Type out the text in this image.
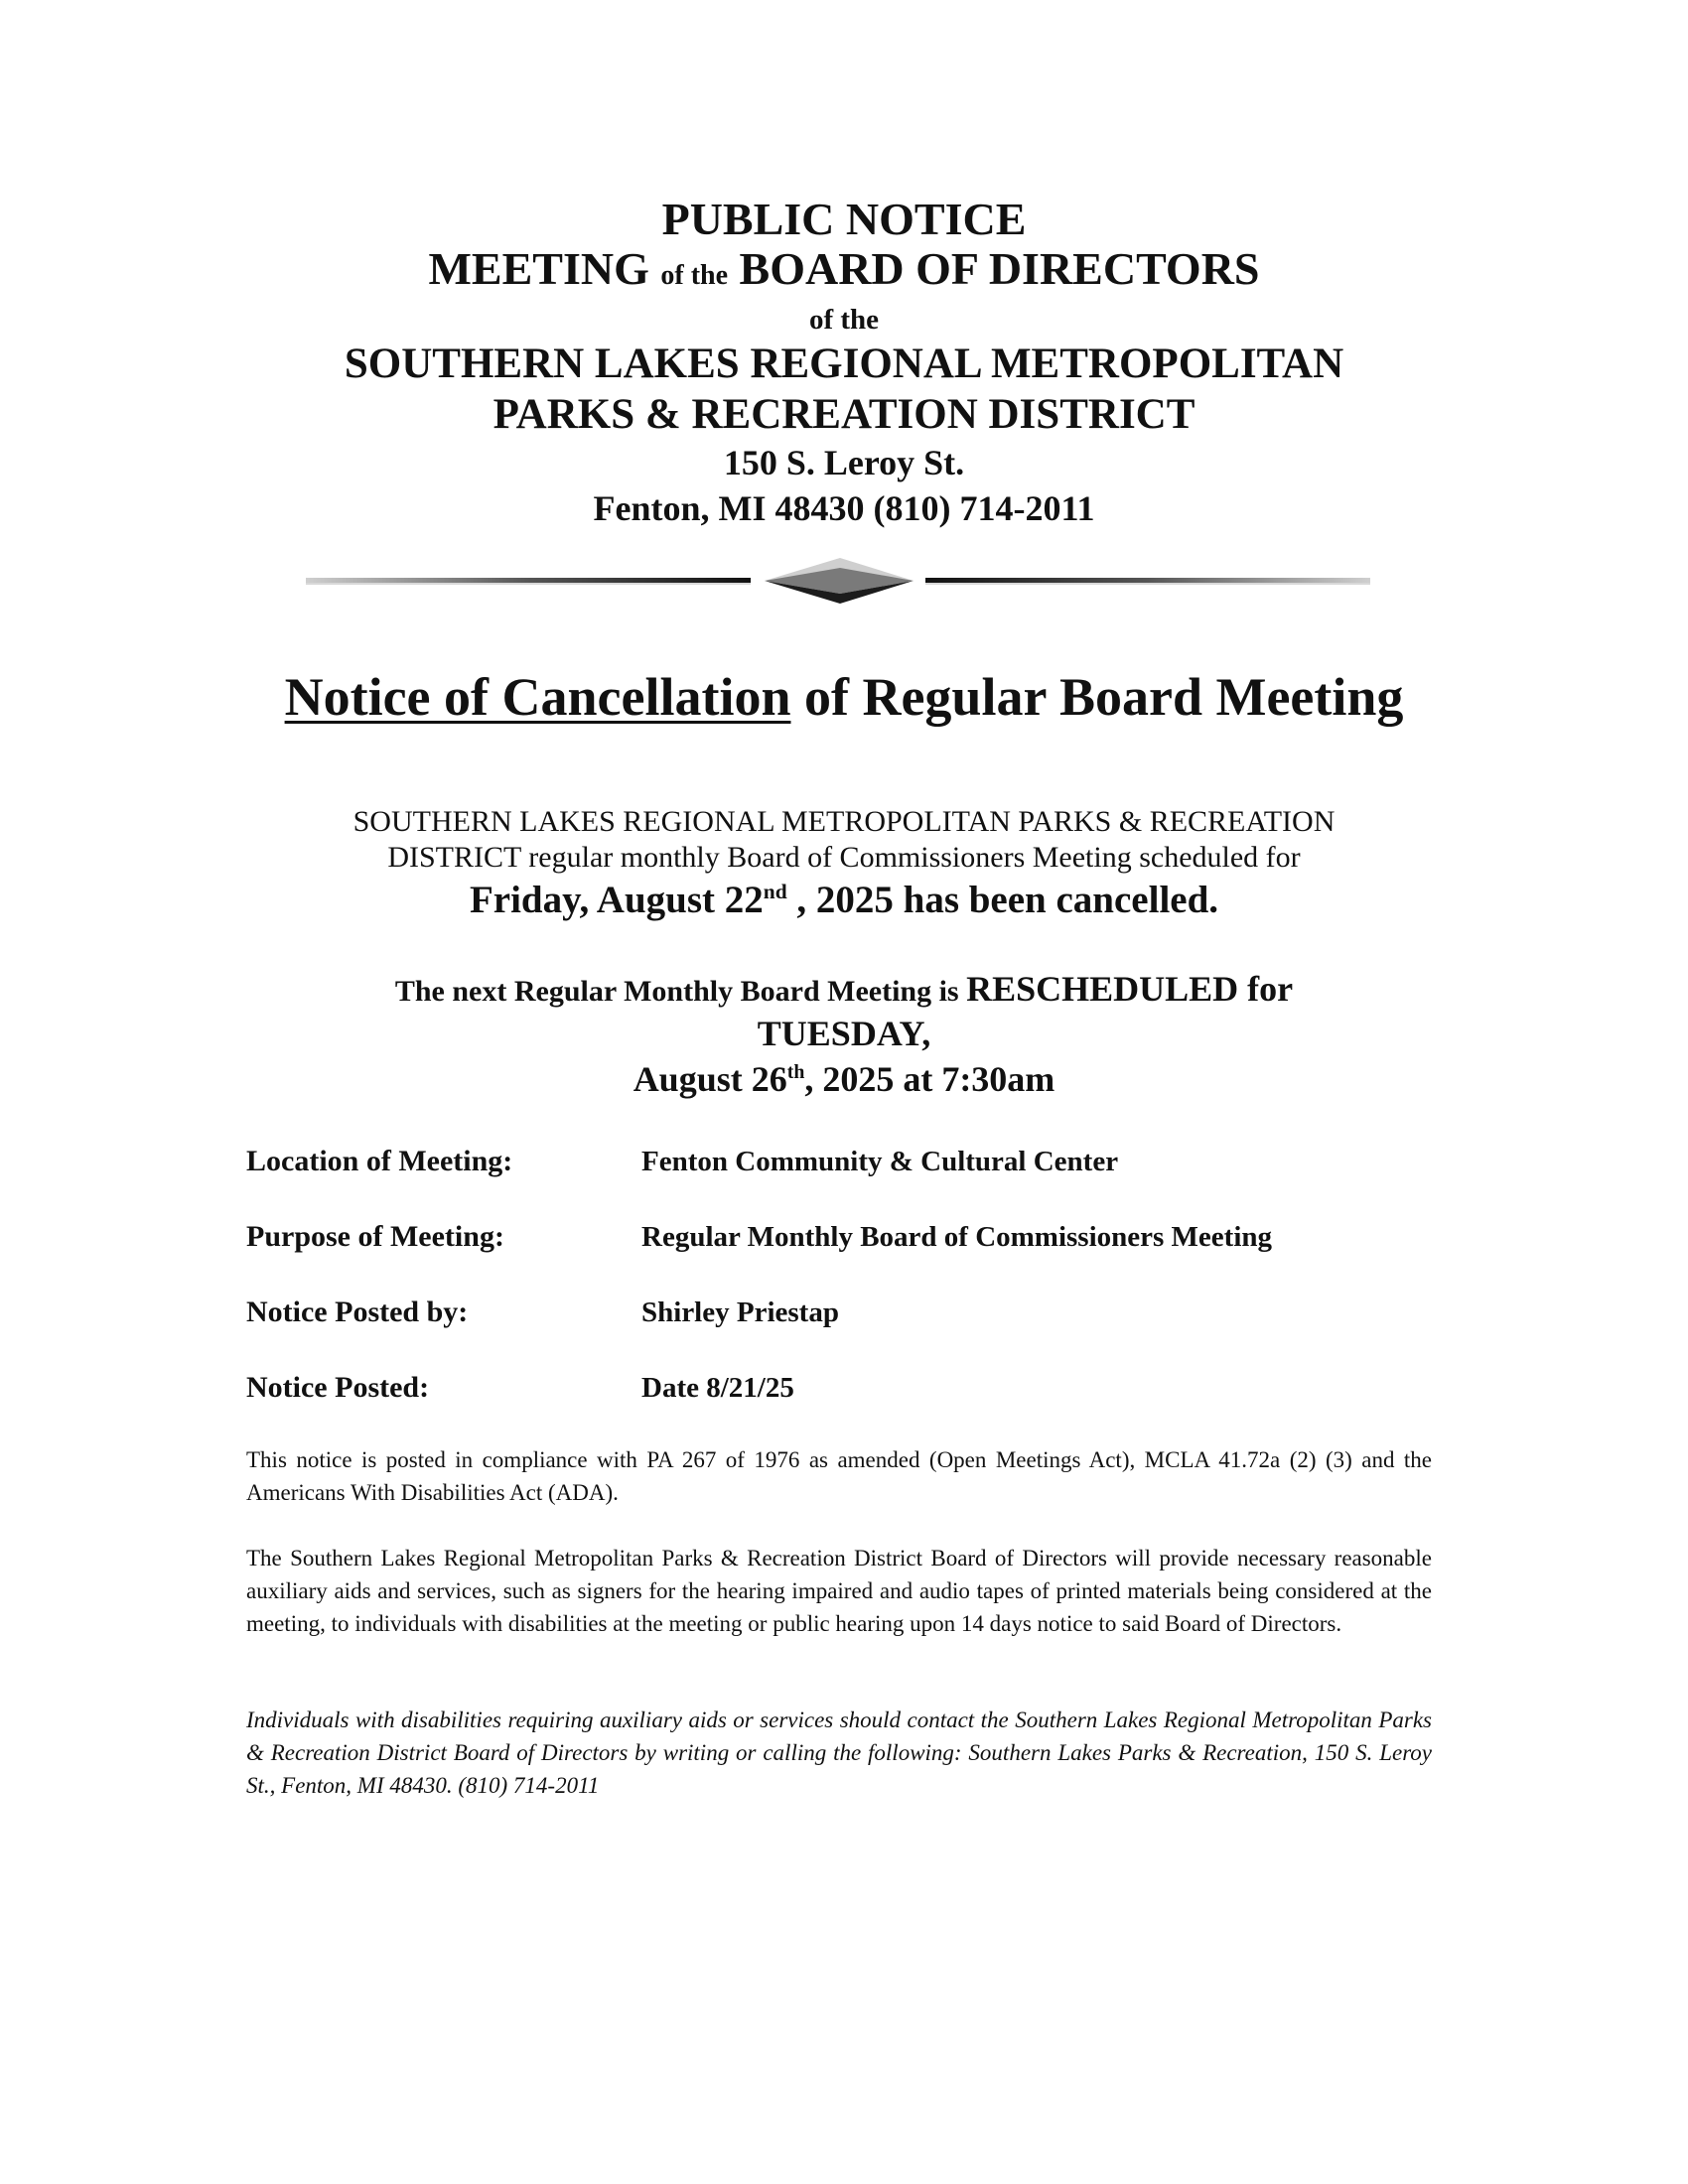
PUBLIC NOTICE
MEETING of the BOARD OF DIRECTORS
of the
SOUTHERN LAKES REGIONAL METROPOLITAN
PARKS & RECREATION DISTRICT
150 S. Leroy St.
Fenton, MI 48430 (810) 714-2011
Notice of Cancellation of Regular Board Meeting
SOUTHERN LAKES REGIONAL METROPOLITAN PARKS & RECREATION
DISTRICT regular monthly Board of Commissioners Meeting scheduled for
Friday, August 22nd , 2025 has been cancelled.
The next Regular Monthly Board Meeting is RESCHEDULED for
TUESDAY,
August 26th, 2025 at 7:30am
Location of Meeting:	Fenton Community & Cultural Center
Purpose of Meeting:	Regular Monthly Board of Commissioners Meeting
Notice Posted by:	Shirley Priestap
Notice Posted:	Date 8/21/25
This notice is posted in compliance with PA 267 of 1976 as amended (Open Meetings Act), MCLA 41.72a (2) (3) and the Americans With Disabilities Act (ADA).
The Southern Lakes Regional Metropolitan Parks & Recreation District Board of Directors will provide necessary reasonable auxiliary aids and services, such as signers for the hearing impaired and audio tapes of printed materials being considered at the meeting, to individuals with disabilities at the meeting or public hearing upon 14 days notice to said Board of Directors.
Individuals with disabilities requiring auxiliary aids or services should contact the Southern Lakes Regional Metropolitan Parks & Recreation District Board of Directors by writing or calling the following: Southern Lakes Parks & Recreation, 150 S. Leroy St., Fenton, MI 48430. (810) 714-2011
